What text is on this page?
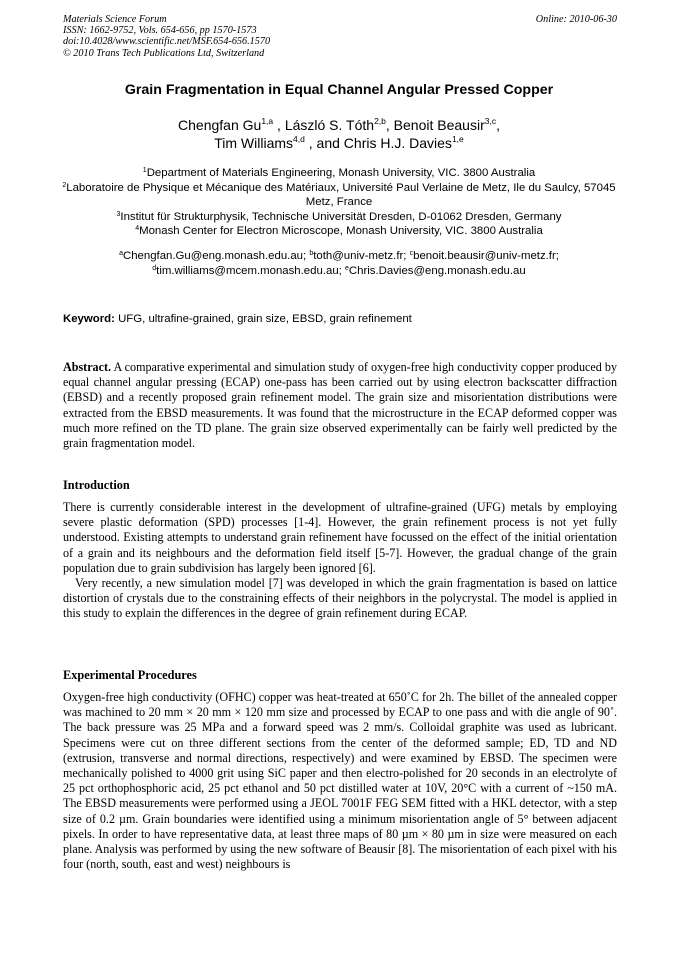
Materials Science Forum
ISSN: 1662-9752, Vols. 654-656, pp 1570-1573
doi:10.4028/www.scientific.net/MSF.654-656.1570
© 2010 Trans Tech Publications Ltd, Switzerland
Online: 2010-06-30
Grain Fragmentation in Equal Channel Angular Pressed Copper
Chengfan Gu$^{1,a}$ , László S. Tóth$^{2,b}$, Benoit Beausir$^{3,c}$,
Tim Williams$^{4,d}$ , and Chris H.J. Davies$^{1,e}$
$^1$Department of Materials Engineering, Monash University, VIC. 3800 Australia
$^2$Laboratoire de Physique et Mécanique des Matériaux, Université Paul Verlaine de Metz, Ile du Saulcy, 57045 Metz, France
$^3$Institut für Strukturphysik, Technische Universität Dresden, D-01062 Dresden, Germany
$^4$Monash Center for Electron Microscope, Monash University, VIC. 3800 Australia
$^a$Chengfan.Gu@eng.monash.edu.au; $^b$toth@univ-metz.fr; $^c$benoit.beausir@univ-metz.fr;
$^d$tim.williams@mcem.monash.edu.au; $^e$Chris.Davies@eng.monash.edu.au
Keyword: UFG, ultrafine-grained, grain size, EBSD, grain refinement
Abstract. A comparative experimental and simulation study of oxygen-free high conductivity copper produced by equal channel angular pressing (ECAP) one-pass has been carried out by using electron backscatter diffraction (EBSD) and a recently proposed grain refinement model. The grain size and misorientation distributions were extracted from the EBSD measurements. It was found that the microstructure in the ECAP deformed copper was much more refined on the TD plane. The grain size observed experimentally can be fairly well predicted by the grain fragmentation model.
Introduction

There is currently considerable interest in the development of ultrafine-grained (UFG) metals by employing severe plastic deformation (SPD) processes [1-4]. However, the grain refinement process is not yet fully understood. Existing attempts to understand grain refinement have focussed on the effect of the initial orientation of a grain and its neighbours and the deformation field itself [5-7]. However, the gradual change of the grain population due to grain subdivision has largely been ignored [6].

Very recently, a new simulation model [7] was developed in which the grain fragmentation is based on lattice distortion of crystals due to the constraining effects of their neighbors in the polycrystal. The model is applied in this study to explain the differences in the degree of grain refinement during ECAP.

Experimental Procedures

Oxygen-free high conductivity (OFHC) copper was heat-treated at 650˚C for 2h. The billet of the annealed copper was machined to 20 mm × 20 mm × 120 mm size and processed by ECAP to one pass and with die angle of 90˚. The back pressure was 25 MPa and a forward speed was 2 mm/s. Colloidal graphite was used as lubricant. Specimens were cut on three different sections from the center of the deformed sample; ED, TD and ND (extrusion, transverse and normal directions, respectively) and were examined by EBSD. The specimen were mechanically polished to 4000 grit using SiC paper and then electro-polished for 20 seconds in an electrolyte of 25 pct orthophosphoric acid, 25 pct ethanol and 50 pct distilled water at 10V, 20°C with a current of ~150 mA. The EBSD measurements were performed using a JEOL 7001F FEG SEM fitted with a HKL detector, with a step size of 0.2 µm. Grain boundaries were identified using a minimum misorientation angle of 5° between adjacent pixels. In order to have representative data, at least three maps of 80 µm × 80 µm in size were measured on each plane. Analysis was performed by using the new software of Beausir [8]. The misorientation of each pixel with his four (north, south, east and west) neighbours is
